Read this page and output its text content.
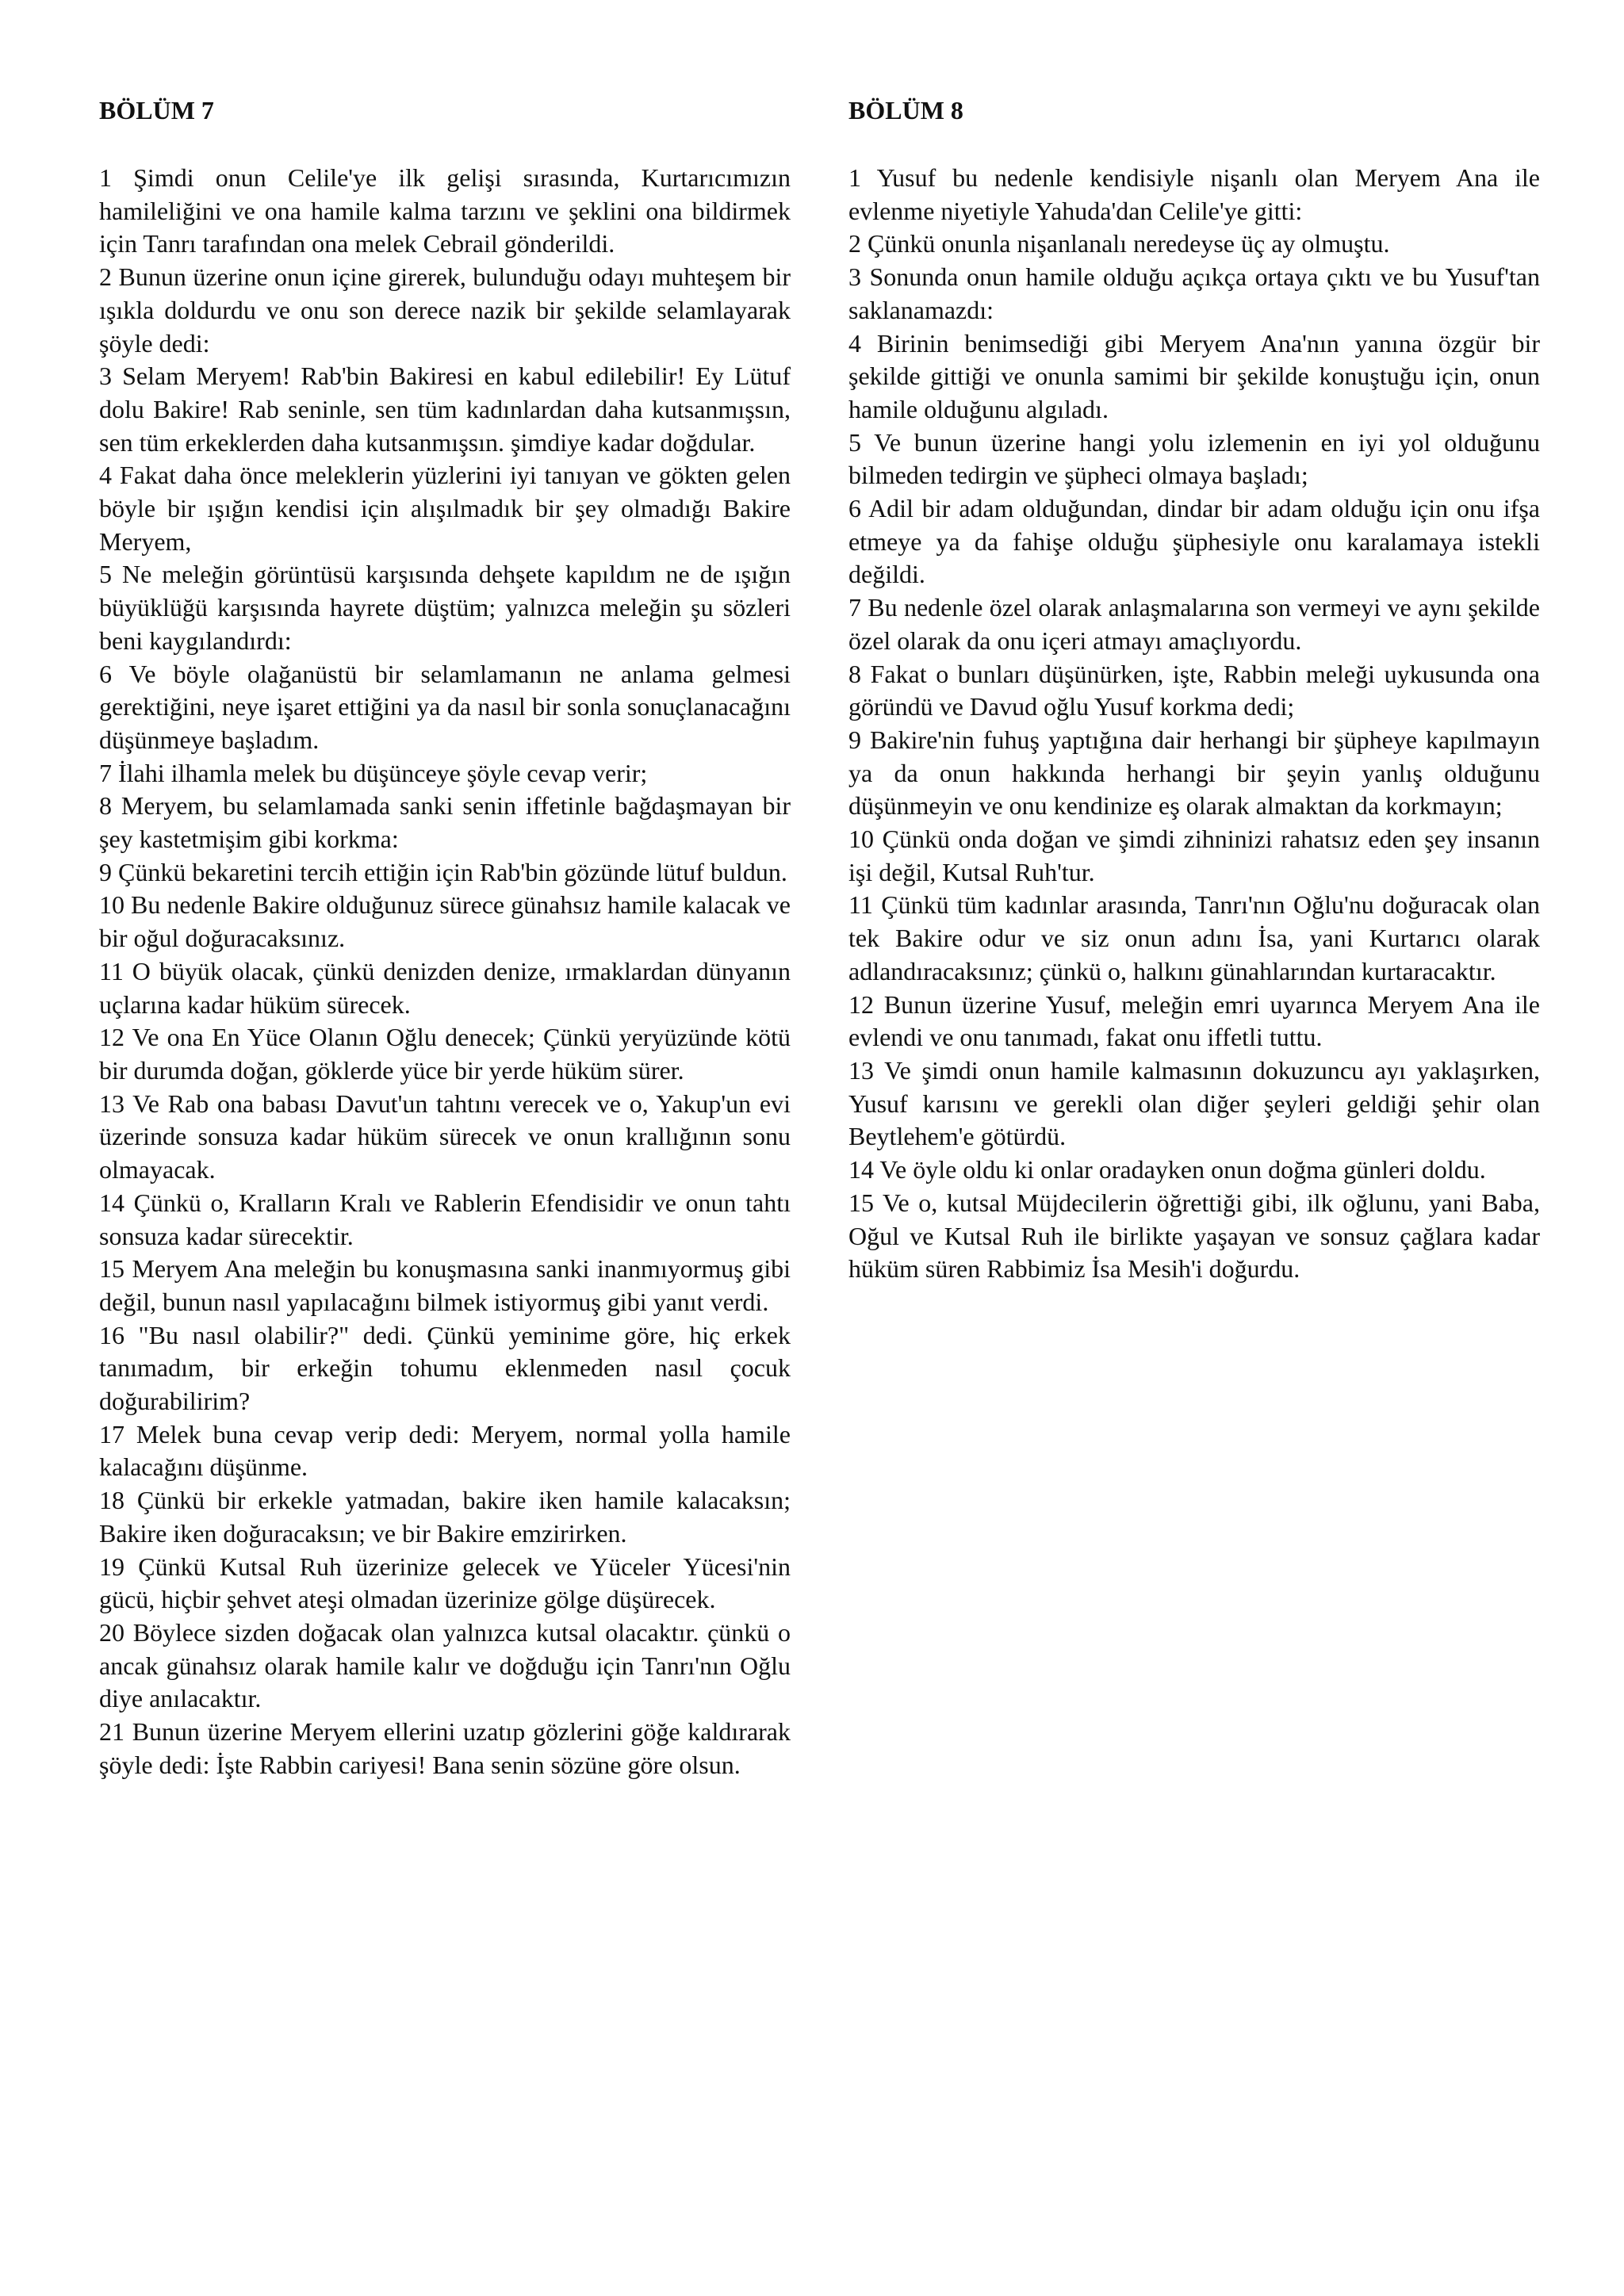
BÖLÜM 7

1 Şimdi onun Celile'ye ilk gelişi sırasında, Kurtarıcımızın hamileliğini ve ona hamile kalma tarzını ve şeklini ona bildirmek için Tanrı tarafından ona melek Cebrail gönderildi.

2 Bunun üzerine onun içine girerek, bulunduğu odayı muhteşem bir ışıkla doldurdu ve onu son derece nazik bir şekilde selamlayarak şöyle dedi:

3 Selam Meryem! Rab'bin Bakiresi en kabul edilebilir! Ey Lütuf dolu Bakire! Rab seninle, sen tüm kadınlardan daha kutsanmışsın, sen tüm erkeklerden daha kutsanmışsın. şimdiye kadar doğdular.

4 Fakat daha önce meleklerin yüzlerini iyi tanıyan ve gökten gelen böyle bir ışığın kendisi için alışılmadık bir şey olmadığı Bakire Meryem,

5 Ne meleğin görüntüsü karşısında dehşete kapıldım ne de ışığın büyüklüğü karşısında hayrete düştüm; yalnızca meleğin şu sözleri beni kaygılandırdı:

6 Ve böyle olağanüstü bir selamlamanın ne anlama gelmesi gerektiğini, neye işaret ettiğini ya da nasıl bir sonla sonuçlanacağını düşünmeye başladım.

7 İlahi ilhamla melek bu düşünceye şöyle cevap verir;

8 Meryem, bu selamlamada sanki senin iffetinle bağdaşmayan bir şey kastetmişim gibi korkma:

9 Çünkü bekaretini tercih ettiğin için Rab'bin gözünde lütuf buldun.

10 Bu nedenle Bakire olduğunuz sürece günahsız hamile kalacak ve bir oğul doğuracaksınız.

11 O büyük olacak, çünkü denizden denize, ırmaklardan dünyanın uçlarına kadar hüküm sürecek.

12 Ve ona En Yüce Olanın Oğlu denecek; Çünkü yeryüzünde kötü bir durumda doğan, göklerde yüce bir yerde hüküm sürer.

13 Ve Rab ona babası Davut'un tahtını verecek ve o, Yakup'un evi üzerinde sonsuza kadar hüküm sürecek ve onun krallığının sonu olmayacak.

14 Çünkü o, Kralların Kralı ve Rablerin Efendisidir ve onun tahtı sonsuza kadar sürecektir.

15 Meryem Ana meleğin bu konuşmasına sanki inanmıyormuş gibi değil, bunun nasıl yapılacağını bilmek istiyormuş gibi yanıt verdi.

16 "Bu nasıl olabilir?" dedi. Çünkü yeminime göre, hiç erkek tanımadım, bir erkeğin tohumu eklenmeden nasıl çocuk doğurabilirim?

17 Melek buna cevap verip dedi: Meryem, normal yolla hamile kalacağını düşünme.

18 Çünkü bir erkekle yatmadan, bakire iken hamile kalacaksın; Bakire iken doğuracaksın; ve bir Bakire emzirirken.

19 Çünkü Kutsal Ruh üzerinize gelecek ve Yüceler Yücesi'nin gücü, hiçbir şehvet ateşi olmadan üzerinize gölge düşürecek.

20 Böylece sizden doğacak olan yalnızca kutsal olacaktır. çünkü o ancak günahsız olarak hamile kalır ve doğduğu için Tanrı'nın Oğlu diye anılacaktır.

21 Bunun üzerine Meryem ellerini uzatıp gözlerini göğe kaldırarak şöyle dedi: İşte Rabbin cariyesi! Bana senin sözüne göre olsun.

BÖLÜM 8

1 Yusuf bu nedenle kendisiyle nişanlı olan Meryem Ana ile evlenme niyetiyle Yahuda'dan Celile'ye gitti:

2 Çünkü onunla nişanlanalı neredeyse üç ay olmuştu.

3 Sonunda onun hamile olduğu açıkça ortaya çıktı ve bu Yusuf'tan saklanamazdı:

4 Birinin benimsediği gibi Meryem Ana'nın yanına özgür bir şekilde gittiği ve onunla samimi bir şekilde konuştuğu için, onun hamile olduğunu algıladı.

5 Ve bunun üzerine hangi yolu izlemenin en iyi yol olduğunu bilmeden tedirgin ve şüpheci olmaya başladı;

6 Adil bir adam olduğundan, dindar bir adam olduğu için onu ifşa etmeye ya da fahişe olduğu şüphesiyle onu karalamaya istekli değildi.

7 Bu nedenle özel olarak anlaşmalarına son vermeyi ve aynı şekilde özel olarak da onu içeri atmayı amaçlıyordu.

8 Fakat o bunları düşünürken, işte, Rabbin meleği uykusunda ona göründü ve Davud oğlu Yusuf korkma dedi;

9 Bakire'nin fuhuş yaptığına dair herhangi bir şüpheye kapılmayın ya da onun hakkında herhangi bir şeyin yanlış olduğunu düşünmeyin ve onu kendinize eş olarak almaktan da korkmayın;

10 Çünkü onda doğan ve şimdi zihninizi rahatsız eden şey insanın işi değil, Kutsal Ruh'tur.

11 Çünkü tüm kadınlar arasında, Tanrı'nın Oğlu'nu doğuracak olan tek Bakire odur ve siz onun adını İsa, yani Kurtarıcı olarak adlandıracaksınız; çünkü o, halkını günahlarından kurtaracaktır.

12 Bunun üzerine Yusuf, meleğin emri uyarınca Meryem Ana ile evlendi ve onu tanımadı, fakat onu iffetli tuttu.

13 Ve şimdi onun hamile kalmasının dokuzuncu ayı yaklaşırken, Yusuf karısını ve gerekli olan diğer şeyleri geldiği şehir olan Beytlehem'e götürdü.

14 Ve öyle oldu ki onlar oradayken onun doğma günleri doldu.

15 Ve o, kutsal Müjdecilerin öğrettiği gibi, ilk oğlunu, yani Baba, Oğul ve Kutsal Ruh ile birlikte yaşayan ve sonsuz çağlara kadar hüküm süren Rabbimiz İsa Mesih'i doğurdu.
